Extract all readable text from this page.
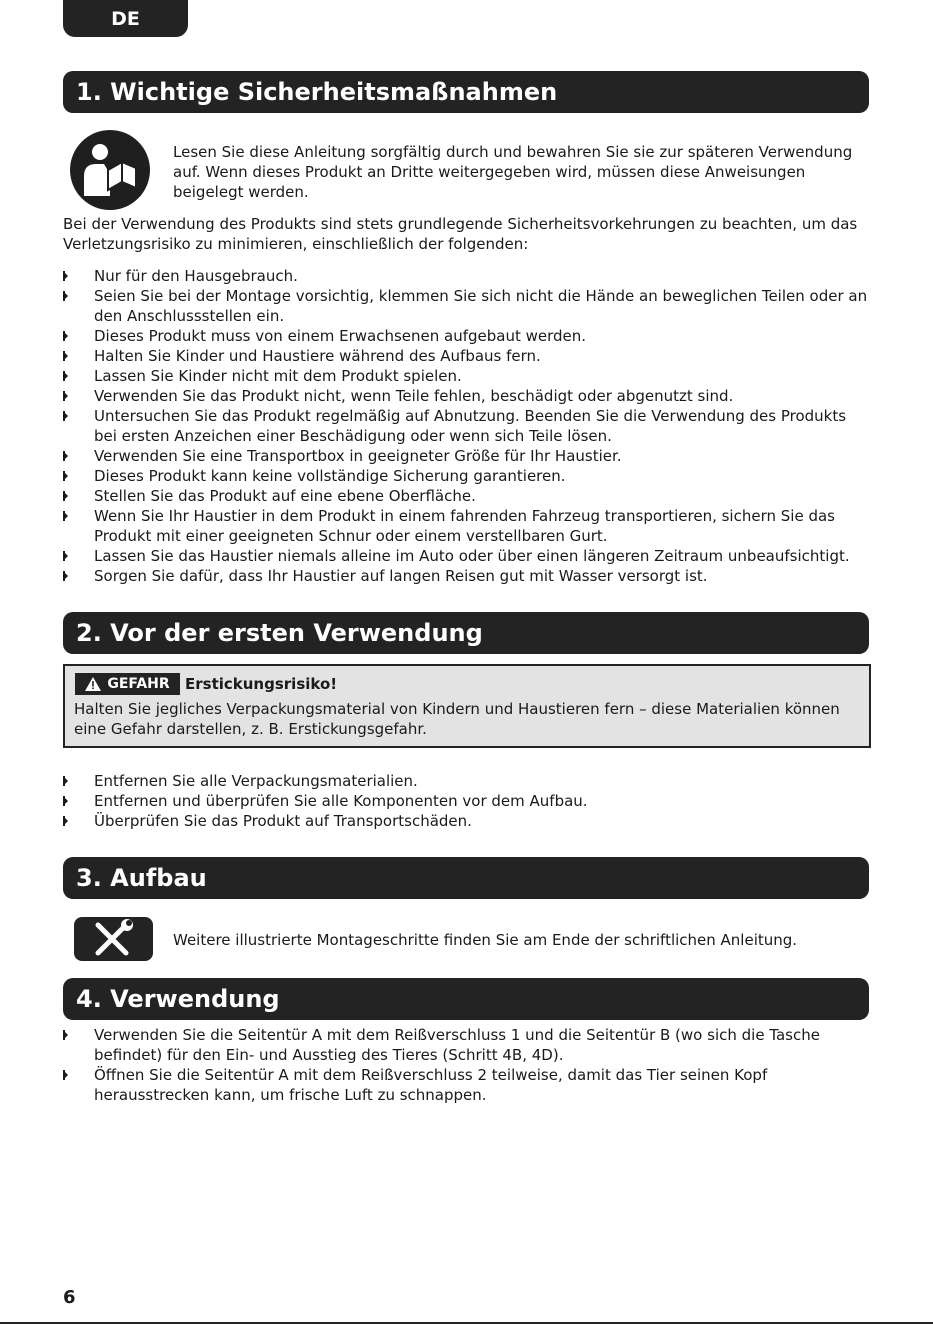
DE
1. Wichtige Sicherheitsmaßnahmen
Lesen Sie diese Anleitung sorgfältig durch und bewahren Sie sie zur späteren Verwendung auf. Wenn dieses Produkt an Dritte weitergegeben wird, müssen diese Anweisungen beigelegt werden.
Bei der Verwendung des Produkts sind stets grundlegende Sicherheitsvorkehrungen zu beachten, um das Verletzungsrisiko zu minimieren, einschließlich der folgenden:
Nur für den Hausgebrauch.
Seien Sie bei der Montage vorsichtig, klemmen Sie sich nicht die Hände an beweglichen Teilen oder an den Anschlussstellen ein.
Dieses Produkt muss von einem Erwachsenen aufgebaut werden.
Halten Sie Kinder und Haustiere während des Aufbaus fern.
Lassen Sie Kinder nicht mit dem Produkt spielen.
Verwenden Sie das Produkt nicht, wenn Teile fehlen, beschädigt oder abgenutzt sind.
Untersuchen Sie das Produkt regelmäßig auf Abnutzung. Beenden Sie die Verwendung des Produkts bei ersten Anzeichen einer Beschädigung oder wenn sich Teile lösen.
Verwenden Sie eine Transportbox in geeigneter Größe für Ihr Haustier.
Dieses Produkt kann keine vollständige Sicherung garantieren.
Stellen Sie das Produkt auf eine ebene Oberfläche.
Wenn Sie Ihr Haustier in dem Produkt in einem fahrenden Fahrzeug transportieren, sichern Sie das Produkt mit einer geeigneten Schnur oder einem verstellbaren Gurt.
Lassen Sie das Haustier niemals alleine im Auto oder über einen längeren Zeitraum unbeaufsichtigt.
Sorgen Sie dafür, dass Ihr Haustier auf langen Reisen gut mit Wasser versorgt ist.
2. Vor der ersten Verwendung
GEFAHR Erstickungsrisiko!
Halten Sie jegliches Verpackungsmaterial von Kindern und Haustieren fern – diese Materialien können eine Gefahr darstellen, z. B. Erstickungsgefahr.
Entfernen Sie alle Verpackungsmaterialien.
Entfernen und überprüfen Sie alle Komponenten vor dem Aufbau.
Überprüfen Sie das Produkt auf Transportschäden.
3. Aufbau
Weitere illustrierte Montageschritte finden Sie am Ende der schriftlichen Anleitung.
4. Verwendung
Verwenden Sie die Seitentür A mit dem Reißverschluss 1 und die Seitentür B (wo sich die Tasche befindet) für den Ein- und Ausstieg des Tieres (Schritt 4B, 4D).
Öffnen Sie die Seitentür A mit dem Reißverschluss 2 teilweise, damit das Tier seinen Kopf herausstrecken kann, um frische Luft zu schnappen.
6
